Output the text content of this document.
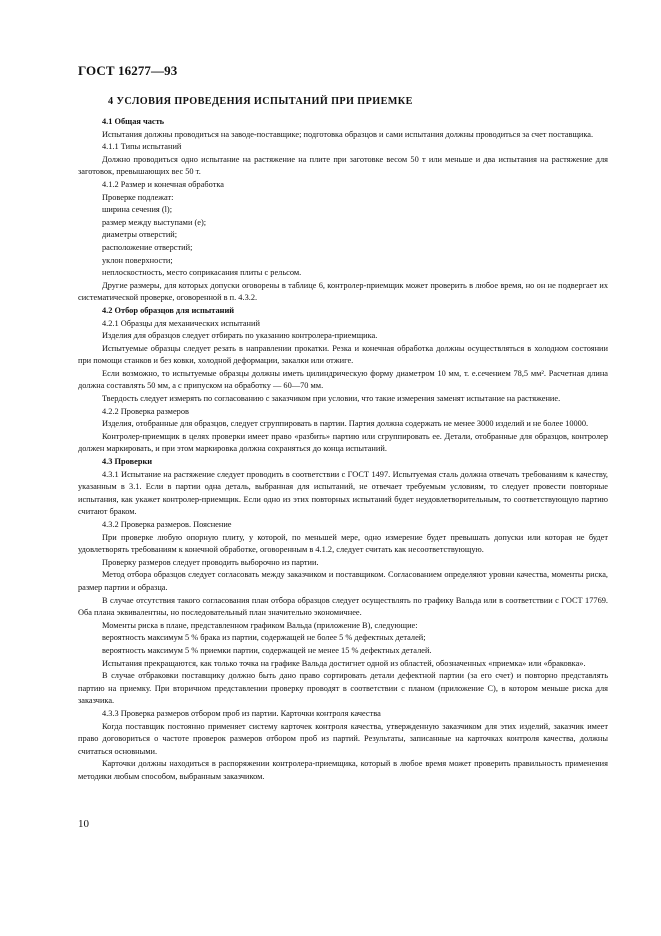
ГОСТ 16277—93
4 УСЛОВИЯ ПРОВЕДЕНИЯ ИСПЫТАНИЙ ПРИ ПРИЕМКЕ

4.1 Общая часть

Испытания должны проводиться на заводе-поставщике; подготовка образцов и сами испытания должны проводиться за счет поставщика.

4.1.1 Типы испытаний

Должно проводиться одно испытание на растяжение на плите при заготовке весом 50 т или меньше и два испытания на растяжение для заготовок, превышающих вес 50 т.

4.1.2 Размер и конечная обработка

Проверке подлежат:

ширина сечения (l);

размер между выступами (e);

диаметры отверстий;

расположение отверстий;

уклон поверхности;

неплоскостность, место соприкасания плиты с рельсом.

Другие размеры, для которых допуски оговорены в таблице 6, контролер-приемщик может проверить в любое время, но он не подвергает их систематической проверке, оговоренной в п. 4.3.2.

4.2 Отбор образцов для испытаний

4.2.1 Образцы для механических испытаний

Изделия для образцов следует отбирать по указанию контролера-приемщика.

Испытуемые образцы следует резать в направлении прокатки. Резка и конечная обработка должны осуществляться в холодном состоянии при помощи станков и без ковки, холодной деформации, закалки или отжиге.

Если возможно, то испытуемые образцы должны иметь цилиндрическую форму диаметром 10 мм, т. е.сечением 78,5 мм². Расчетная длина должна составлять 50 мм, а с припуском на обработку — 60—70 мм.

Твердость следует измерять по согласованию с заказчиком при условии, что такие измерения заменят испытание на растяжение.

4.2.2 Проверка размеров

Изделия, отобранные для образцов, следует сгруппировать в партии. Партия должна содержать не менее 3000 изделий и не более 10000.

Контролер-приемщик в целях проверки имеет право «разбить» партию или сгруппировать ее. Детали, отобранные для образцов, контролер должен маркировать, и при этом маркировка должна сохраняться до конца испытаний.

4.3 Проверки

4.3.1 Испытание на растяжение следует проводить в соответствии с ГОСТ 1497. Испытуемая сталь должна отвечать требованиям к качеству, указанным в 3.1. Если в партии одна деталь, выбранная для испытаний, не отвечает требуемым условиям, то следует провести повторные испытания, как укажет контролер-приемщик. Если одно из этих повторных испытаний будет неудовлетворительным, то соответствующую партию считают браком.

4.3.2 Проверка размеров. Пояснение

При проверке любую опорную плиту, у которой, по меньшей мере, одно измерение будет превышать допуски или которая не будет удовлетворять требованиям к конечной обработке, оговоренным в 4.1.2, следует считать как несоответствующую.

Проверку размеров следует проводить выборочно из партии.

Метод отбора образцов следует согласовать между заказчиком и поставщиком. Согласованием определяют уровни качества, моменты риска, размер партии и образца.

В случае отсутствия такого согласования план отбора образцов следует осуществлять по графику Вальда или в соответствии с ГОСТ 17769. Оба плана эквивалентны, но последовательный план значительно экономичнее.

Моменты риска в плане, представленном графиком Вальда (приложение В), следующие:

вероятность максимум 5 % брака из партии, содержащей не более 5 % дефектных деталей;

вероятность максимум 5 % приемки партии, содержащей не менее 15 % дефектных деталей.

Испытания прекращаются, как только точка на графике Вальда достигнет одной из областей, обозначенных «приемка» или «браковка».

В случае отбраковки поставщику должно быть дано право сортировать детали дефектной партии (за его счет) и повторно представлять партию на приемку. При вторичном представлении проверку проводят в соответствии с планом (приложение С), в котором меньше риска для заказчика.

4.3.3 Проверка размеров отбором проб из партии. Карточки контроля качества

Когда поставщик постоянно применяет систему карточек контроля качества, утвержденную заказчиком для этих изделий, заказчик имеет право договориться о частоте проверок размеров отбором проб из партий. Результаты, записанные на карточках контроля качества, должны считаться основными.

Карточки должны находиться в распоряжении контролера-приемщика, который в любое время может проверить правильность применения методики любым способом, выбранным заказчиком.

10
